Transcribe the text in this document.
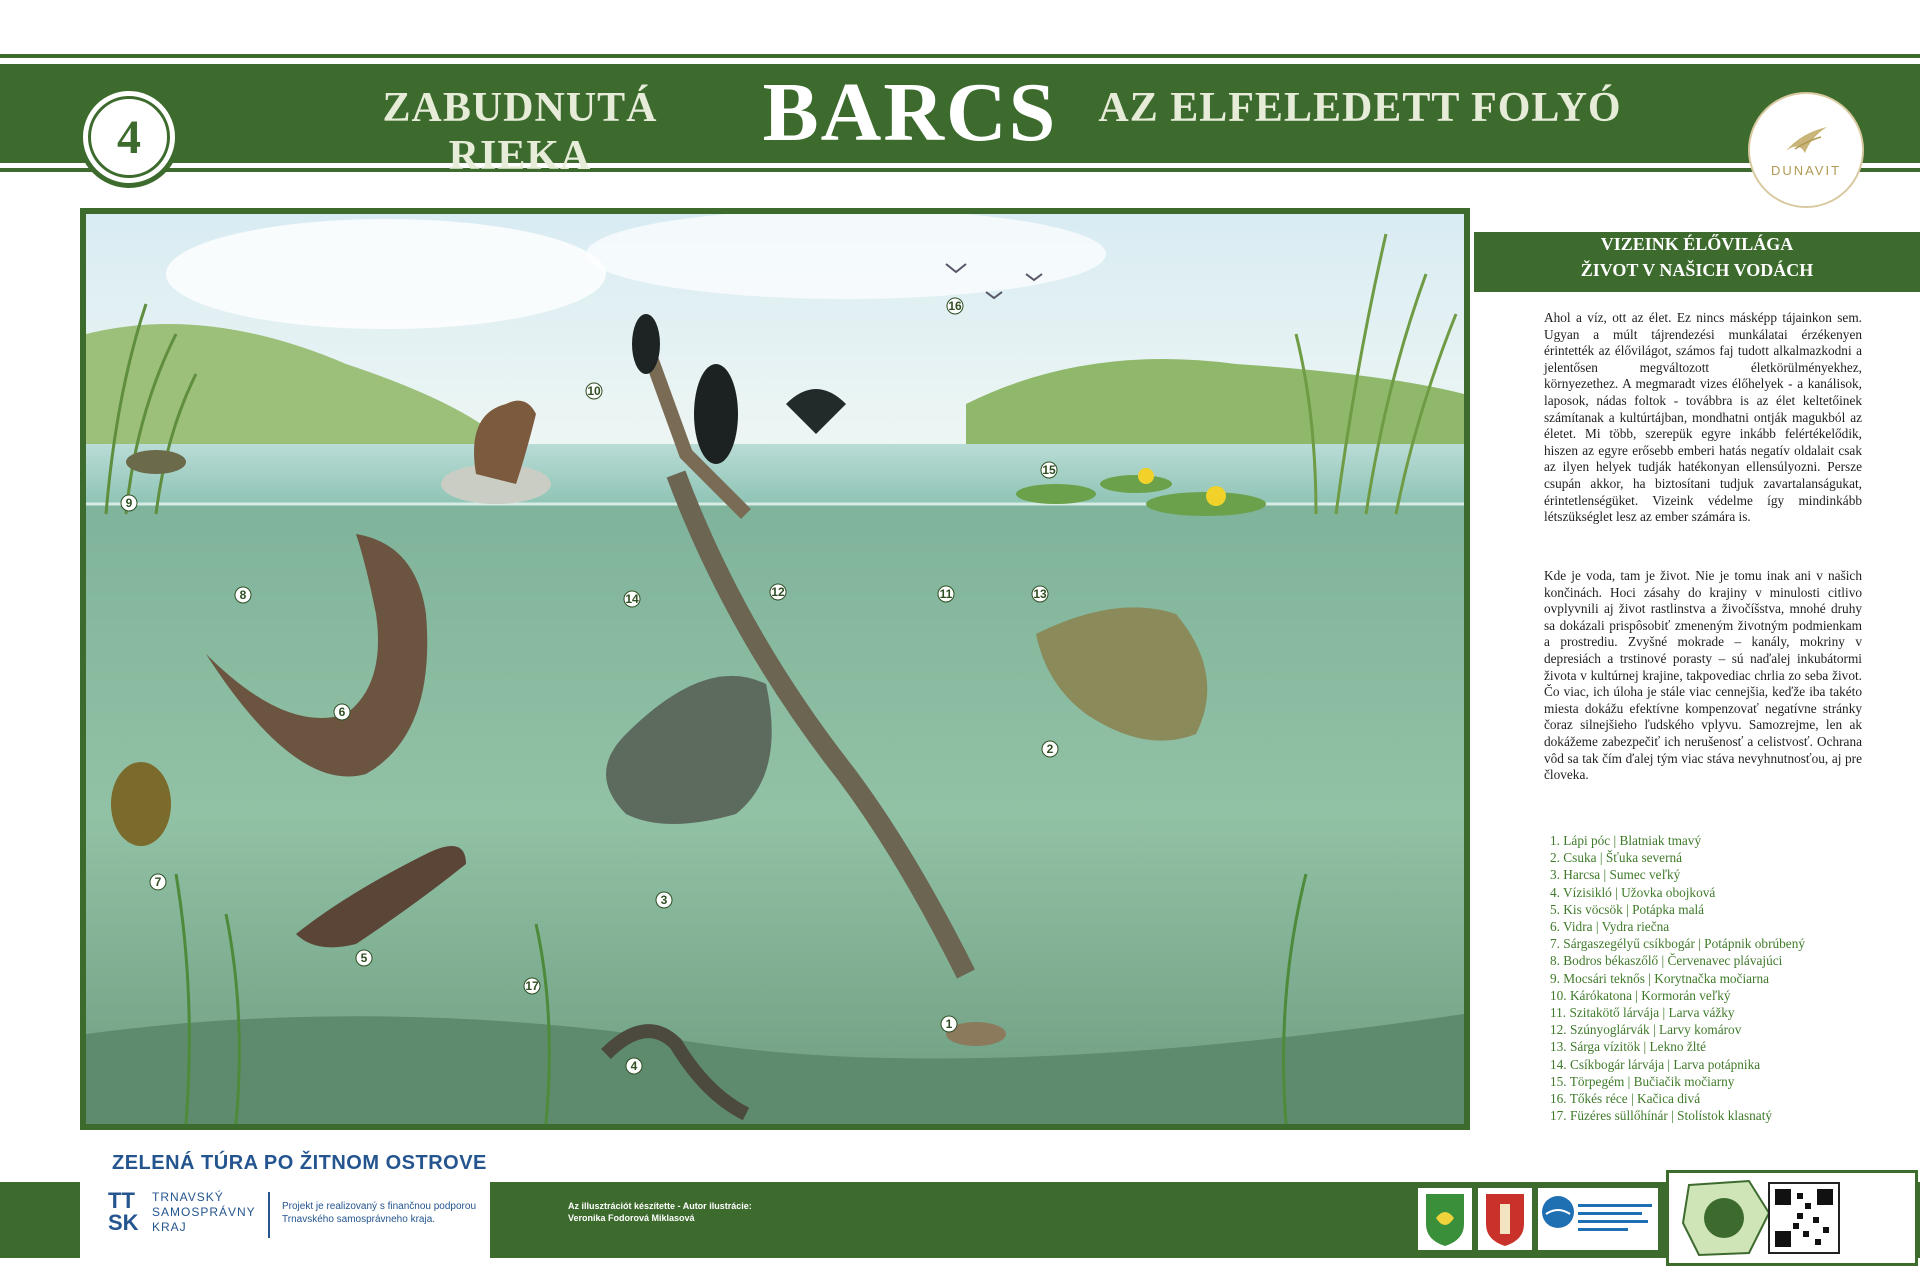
4
ZABUDNUTÁ RIEKA	BARCS AZ ELFELEDETT FOLYÓ
DUNAVIT
1
2
3
4
5
6
7
8
9
10
11
12	13
14
15
16
17
VIZEINK ÉLŐVILÁGA
ŽIVOT V NAŠICH VODÁCH
Ahol a víz, ott az élet. Ez nincs másképp tájainkon sem. Ugyan a múlt tájrendezési munkálatai érzékenyen érintették az élővilágot, számos faj tudott alkalmazkodni a jelentősen megváltozott életkörülményekhez, környezethez. A megmaradt vizes élőhelyek - a kanálisok, laposok, nádas foltok - továbbra is az élet keltetőinek számítanak a kultúrtájban, mondhatni ontják magukból az életet. Mi több, szerepük egyre inkább felértékelődik, hiszen az egyre erősebb emberi hatás negatív oldalait csak az ilyen helyek tudják hatékonyan ellensúlyozni. Persze csupán akkor, ha biztosítani tudjuk zavartalanságukat, érintetlenségüket. Vizeink védelme így mindinkább létszükséglet lesz az ember számára is.
Kde je voda, tam je život. Nie je tomu inak ani v našich končinách. Hoci zásahy do krajiny v minulosti citlivo ovplyvnili aj život rastlinstva a živočíšstva, mnohé druhy sa dokázali prispôsobiť zmeneným životným podmienkam a prostrediu. Zvyšné mokrade – kanály, mokriny v depresiách a trstinové porasty – sú naďalej inkubátormi života v kultúrnej krajine, takpovediac chrlia zo seba život. Čo viac, ich úloha je stále viac cennejšia, keďže iba takéto miesta dokážu efektívne kompenzovať negatívne stránky čoraz silnejšieho ľudského vplyvu. Samozrejme, len ak dokážeme zabezpečiť ich nerušenosť a celistvosť. Ochrana vôd sa tak čím ďalej tým viac stáva nevyhnutnosťou, aj pre človeka.
1. Lápi póc | Blatniak tmavý
2. Csuka | Šťuka severná
3. Harcsa | Sumec veľký
4. Vízisikló | Užovka obojková
5. Kis vöcsök | Potápka malá
6. Vidra | Vydra riečna
7. Sárgaszegélyű csíkbogár | Potápnik obrúbený
8. Bodros békaszőlő | Červenavec plávajúci
9. Mocsári teknős | Korytnačka močiarna
10. Kárókatona | Kormorán veľký
11. Szitakötő lárvája | Larva vážky
12. Szúnyoglárvák | Larvy komárov
13. Sárga vízitök | Lekno žlté
14. Csíkbogár lárvája | Larva potápnika
15. Törpegém | Bučiačik močiarny
16. Tőkés réce | Kačica divá
17. Füzéres süllőhínár | Stolístok klasnatý
ZELENÁ TÚRA PO ŽITNOM OSTROVE
TT
SK
TRNAVSKÝ
SAMOSPRÁVNY
KRAJ
Projekt je realizovaný s finančnou podporou
Trnavského samosprávneho kraja.
Az illusztrációt készítette - Autor ilustrácie:
Veronika Fodorová Miklasová
